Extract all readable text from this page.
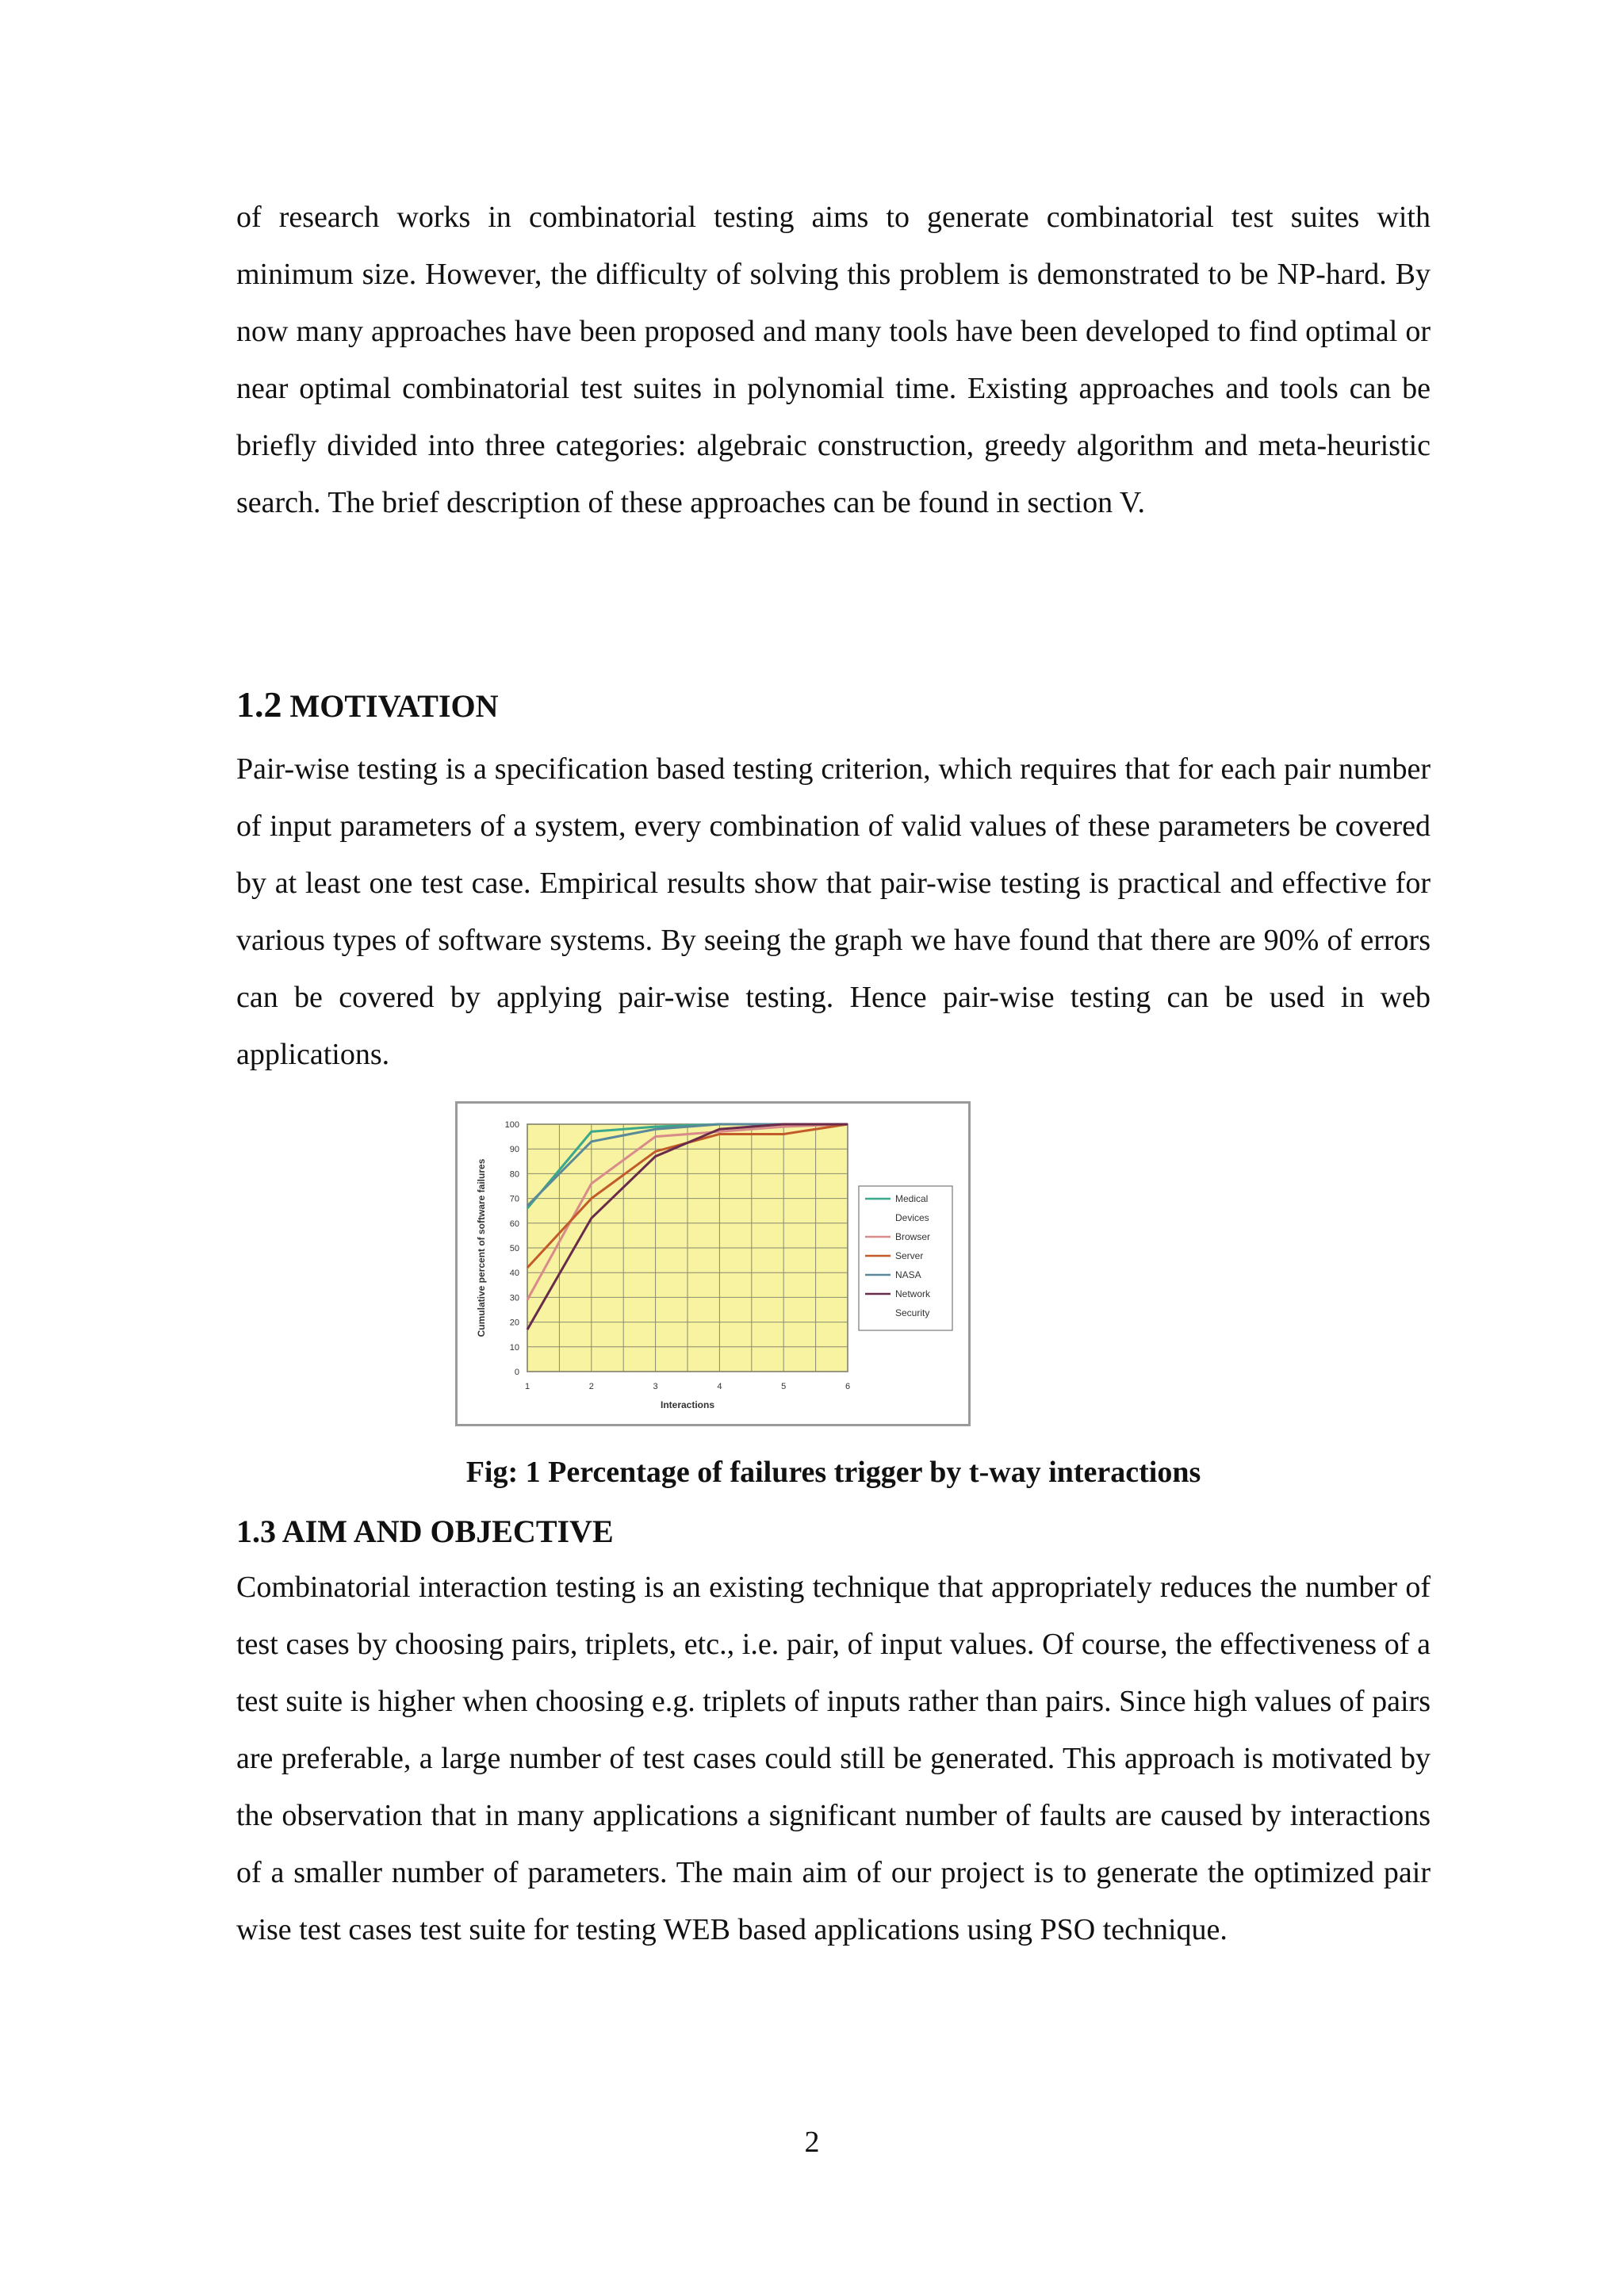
of research works in combinatorial testing aims to generate combinatorial test suites with minimum size. However, the difficulty of solving this problem is demonstrated to be NP-hard. By now many approaches have been proposed and many tools have been developed to find optimal or near optimal combinatorial test suites in polynomial time. Existing approaches and tools can be briefly divided into three categories: algebraic construction, greedy algorithm and meta-heuristic search. The brief description of these approaches can be found in section V.

1.2 MOTIVATION

Pair-wise testing is a specification based testing criterion, which requires that for each pair number of input parameters of a system, every combination of valid values of these parameters be covered by at least one test case. Empirical results show that pair-wise testing is practical and effective for various types of software systems. By seeing the graph we have found that there are 90% of errors can be covered by applying pair-wise testing. Hence pair-wise testing can be used in web applications.

0
10
20
30
40
50
60
70
80
90
100
1	2	3	4	5	6
Interactions
Cumulative percent of software failures	Medical Devices
Browser
Server
NASA
Network Security

Fig: 1 Percentage of failures trigger by t-way interactions

1.3 AIM AND OBJECTIVE

Combinatorial interaction testing is an existing technique that appropriately reduces the number of test cases by choosing pairs, triplets, etc., i.e. pair, of input values. Of course, the effectiveness of a test suite is higher when choosing e.g. triplets of inputs rather than pairs. Since high values of pairs are preferable, a large number of test cases could still be generated. This approach is motivated by the observation that in many applications a significant number of faults are caused by interactions of a smaller number of parameters. The main aim of our project is to generate the optimized pair wise test cases test suite for testing WEB based applications using PSO technique.

2
